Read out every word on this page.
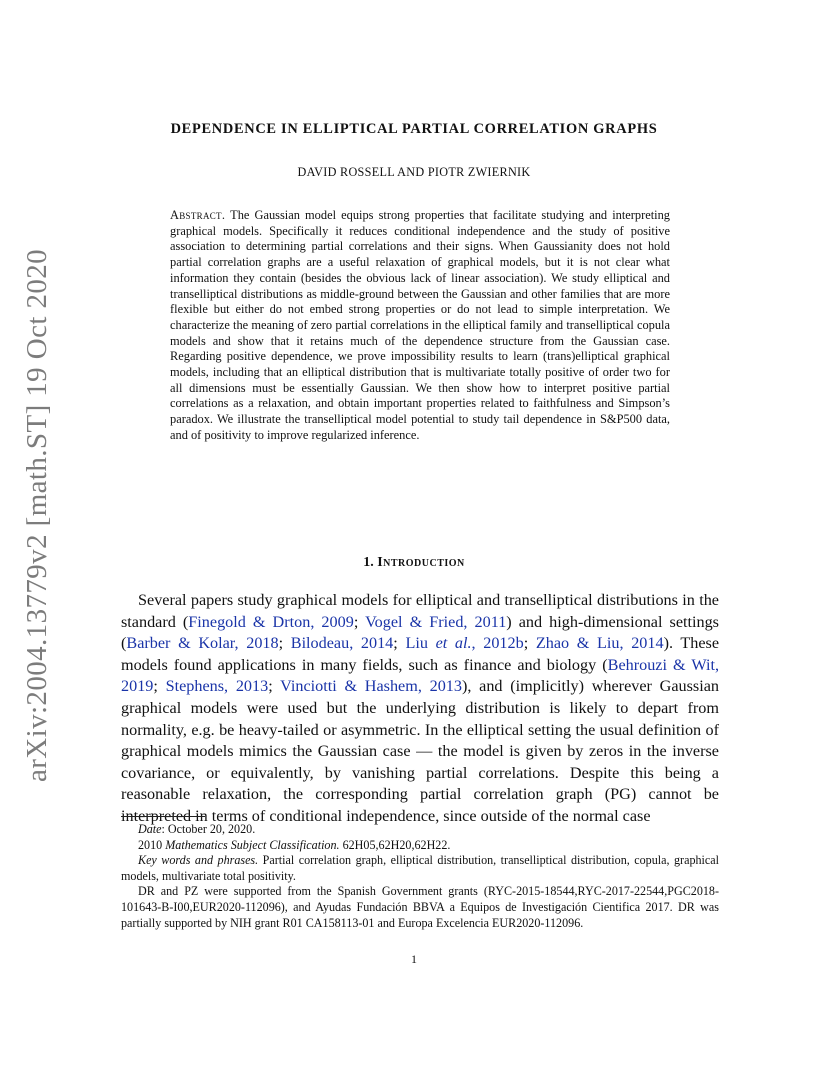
arXiv:2004.13779v2 [math.ST] 19 Oct 2020
DEPENDENCE IN ELLIPTICAL PARTIAL CORRELATION GRAPHS

DAVID ROSSELL AND PIOTR ZWIERNIK

Abstract. The Gaussian model equips strong properties that facilitate studying and interpreting graphical models. Specifically it reduces conditional independence and the study of positive association to determining partial correlations and their signs. When Gaussianity does not hold partial correlation graphs are a useful relaxation of graphical models, but it is not clear what information they contain (besides the obvious lack of linear association). We study elliptical and transelliptical distributions as middle-ground between the Gaussian and other families that are more flexible but either do not embed strong properties or do not lead to simple interpretation. We characterize the meaning of zero partial correlations in the elliptical family and transelliptical copula models and show that it retains much of the dependence structure from the Gaussian case. Regarding positive dependence, we prove impossibility results to learn (trans)elliptical graphical models, including that an elliptical distribution that is multivariate totally positive of order two for all dimensions must be essentially Gaussian. We then show how to interpret positive partial correlations as a relaxation, and obtain important properties related to faithfulness and Simpson’s paradox. We illustrate the transelliptical model potential to study tail dependence in S&P500 data, and of positivity to improve regularized inference.

1. Introduction

Several papers study graphical models for elliptical and transelliptical distributions in the standard (Finegold & Drton, 2009; Vogel & Fried, 2011) and high-dimensional settings (Barber & Kolar, 2018; Bilodeau, 2014; Liu et al., 2012b; Zhao & Liu, 2014). These models found applications in many fields, such as finance and biology (Behrouzi & Wit, 2019; Stephens, 2013; Vinciotti & Hashem, 2013), and (implicitly) wherever Gaussian graphical models were used but the underlying distribution is likely to depart from normality, e.g. be heavy-tailed or asymmetric. In the elliptical setting the usual definition of graphical models mimics the Gaussian case — the model is given by zeros in the inverse covariance, or equivalently, by vanishing partial correlations. Despite this being a reasonable relaxation, the corresponding partial correlation graph (PG) cannot be interpreted in terms of conditional independence, since outside of the normal case

Date: October 20, 2020.

2010 Mathematics Subject Classification. 62H05,62H20,62H22.

Key words and phrases. Partial correlation graph, elliptical distribution, transelliptical distribution, copula, graphical models, multivariate total positivity.

DR and PZ were supported from the Spanish Government grants (RYC-2015-18544,RYC-2017-22544,PGC2018-101643-B-I00,EUR2020-112096), and Ayudas Fundación BBVA a Equipos de Investigación Cientifica 2017. DR was partially supported by NIH grant R01 CA158113-01 and Europa Excelencia EUR2020-112096.

1
